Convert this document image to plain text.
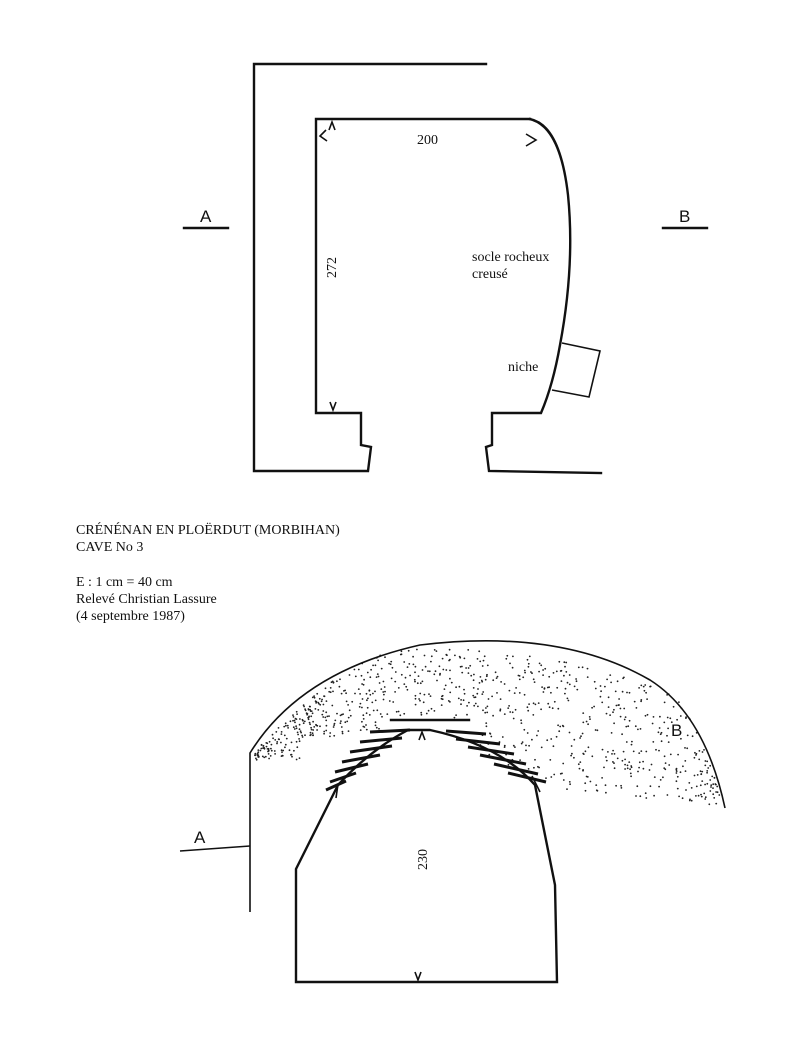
A	B
200
272	socle rocheux
creusé
niche
CRÉNÉNAN EN PLOËRDUT (MORBIHAN)
CAVE No 3
E : 1 cm = 40 cm
Relevé Christian Lassure
(4 septembre 1987)
230
A
B
